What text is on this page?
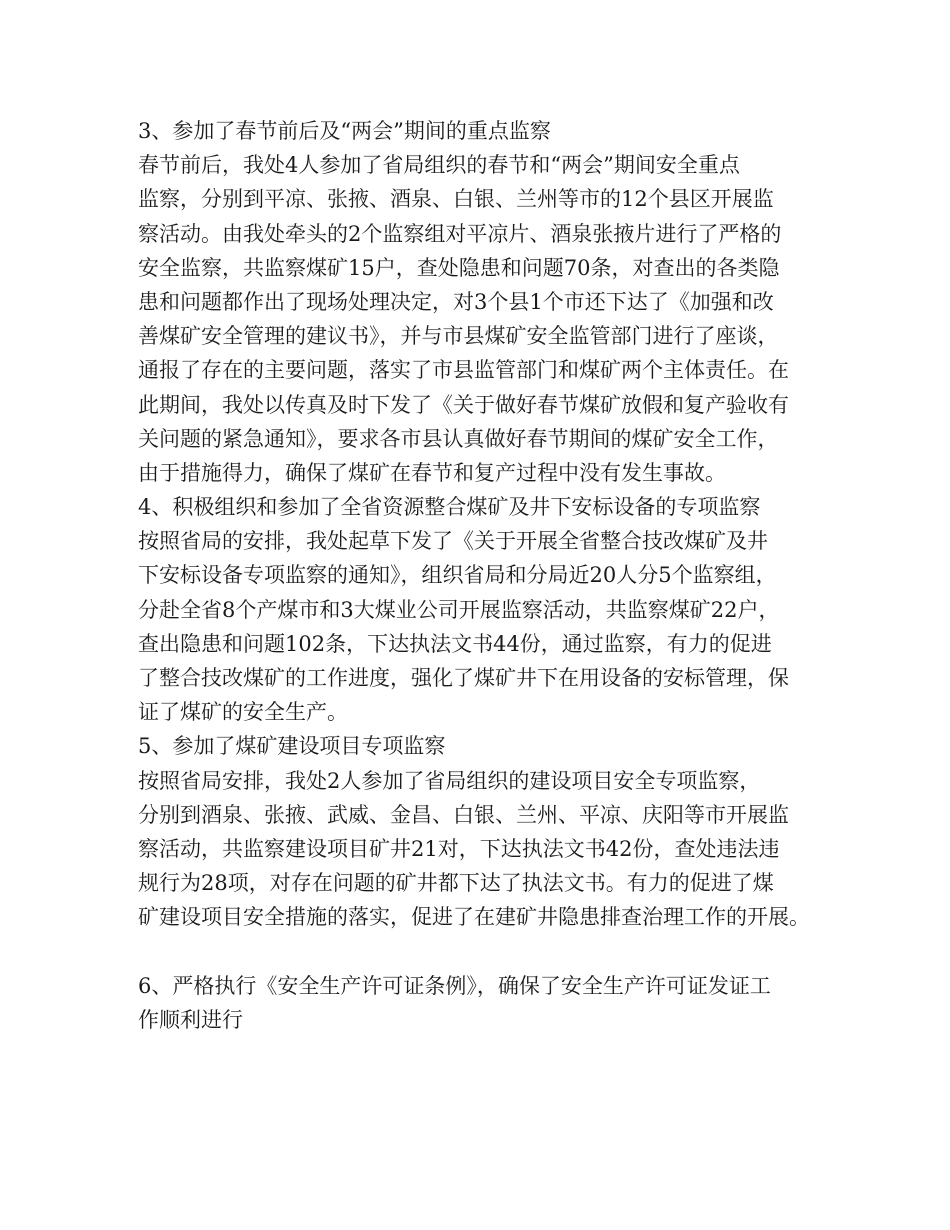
3、参加了春节前后及“两会”期间的重点监察
春节前后，我处4人参加了省局组织的春节和“两会”期间安全重点
监察，分别到平凉、张掖、酒泉、白银、兰州等市的12个县区开展监
察活动。由我处牵头的2个监察组对平凉片、酒泉张掖片进行了严格的
安全监察，共监察煤矿15户，查处隐患和问题70条，对查出的各类隐
患和问题都作出了现场处理决定，对3个县1个市还下达了《加强和改
善煤矿安全管理的建议书》，并与市县煤矿安全监管部门进行了座谈，
通报了存在的主要问题，落实了市县监管部门和煤矿两个主体责任。在
此期间，我处以传真及时下发了《关于做好春节煤矿放假和复产验收有
关问题的紧急通知》，要求各市县认真做好春节期间的煤矿安全工作，
由于措施得力，确保了煤矿在春节和复产过程中没有发生事故。
4、积极组织和参加了全省资源整合煤矿及井下安标设备的专项监察
按照省局的安排，我处起草下发了《关于开展全省整合技改煤矿及井
下安标设备专项监察的通知》，组织省局和分局近20人分5个监察组，
分赴全省8个产煤市和3大煤业公司开展监察活动，共监察煤矿22户，
查出隐患和问题102条，下达执法文书44份，通过监察，有力的促进
了整合技改煤矿的工作进度，强化了煤矿井下在用设备的安标管理，保
证了煤矿的安全生产。
5、参加了煤矿建设项目专项监察
按照省局安排，我处2人参加了省局组织的建设项目安全专项监察，
分别到酒泉、张掖、武威、金昌、白银、兰州、平凉、庆阳等市开展监
察活动，共监察建设项目矿井21对，下达执法文书42份，查处违法违
规行为28项，对存在问题的矿井都下达了执法文书。有力的促进了煤
矿建设项目安全措施的落实，促进了在建矿井隐患排查治理工作的开展。
6、严格执行《安全生产许可证条例》，确保了安全生产许可证发证工
作顺利进行
